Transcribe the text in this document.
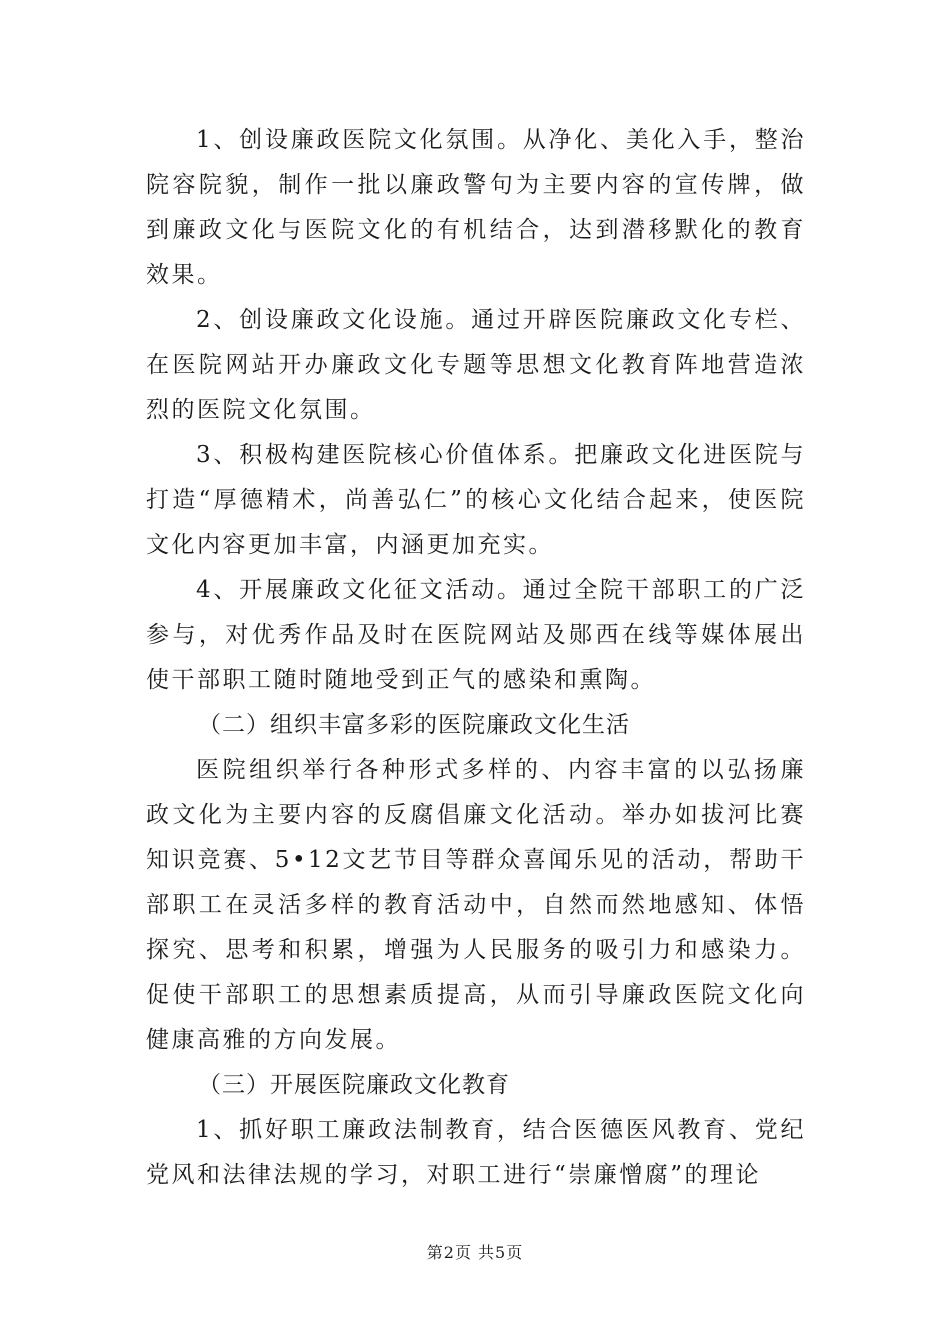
1、创设廉政医院文化氛围。从净化、美化入手，整治院容院貌，制作一批以廉政警句为主要内容的宣传牌，做到廉政文化与医院文化的有机结合，达到潜移默化的教育效果。

2、创设廉政文化设施。通过开辟医院廉政文化专栏、在医院网站开办廉政文化专题等思想文化教育阵地营造浓烈的医院文化氛围。

3、积极构建医院核心价值体系。把廉政文化进医院与打造“厚德精术，尚善弘仁”的核心文化结合起来，使医院文化内容更加丰富，内涵更加充实。

4、开展廉政文化征文活动。通过全院干部职工的广泛参与，对优秀作品及时在医院网站及郧西在线等媒体展出使干部职工随时随地受到正气的感染和熏陶。

（二）组织丰富多彩的医院廉政文化生活

医院组织举行各种形式多样的、内容丰富的以弘扬廉政文化为主要内容的反腐倡廉文化活动。举办如拔河比赛知识竞赛、5•12文艺节目等群众喜闻乐见的活动，帮助干部职工在灵活多样的教育活动中，自然而然地感知、体悟探究、思考和积累，增强为人民服务的吸引力和感染力。促使干部职工的思想素质提高，从而引导廉政医院文化向健康高雅的方向发展。

（三）开展医院廉政文化教育

1、抓好职工廉政法制教育，结合医德医风教育、党纪党风和法律法规的学习，对职工进行“崇廉憎腐”的理论

第2页 共5页
